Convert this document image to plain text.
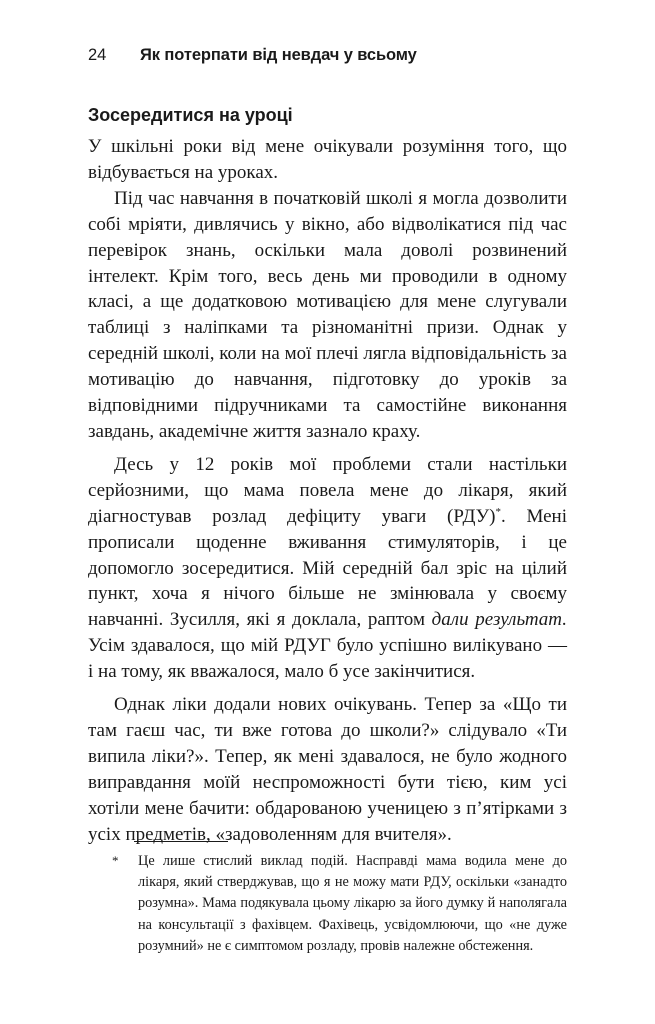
24 Як потерпати від невдач у всьому
Зосередитися на уроці

У шкільні роки від мене очікували розуміння того, що відбувається на уроках.

Під час навчання в початковій школі я могла дозволити собі мріяти, дивлячись у вікно, або відволікатися під час перевірок знань, оскільки мала доволі розвинений інтелект. Крім того, весь день ми проводили в одному класі, а ще додатковою мотивацією для мене слугували таблиці з наліпками та різноманітні призи. Однак у середній школі, коли на мої плечі лягла відповідальність за мотивацію до навчання, підготовку до уроків за відповідними підручниками та самостійне виконання завдань, академічне життя зазнало краху.

Десь у 12 років мої проблеми стали настільки серйозними, що мама повела мене до лікаря, який діагностував розлад дефіциту уваги (РДУ)*. Мені прописали щоденне вживання стимуляторів, і це допомогло зосередитися. Мій середній бал зріс на цілий пункт, хоча я нічого більше не змінювала у своєму навчанні. Зусилля, які я доклала, раптом дали результат. Усім здавалося, що мій РДУГ було успішно вилікувано — і на тому, як вважалося, мало б усе закінчитися.

Однак ліки додали нових очікувань. Тепер за «Що ти там гаєш час, ти вже готова до школи?» слідувало «Ти випила ліки?». Тепер, як мені здавалося, не було жодного виправдання моїй неспроможності бути тією, ким усі хотіли мене бачити: обдарованою ученицею з п’ятірками з усіх предметів, «задоволенням для вчителя».

* Це лише стислий виклад подій. Насправді мама водила мене до лікаря, який стверджував, що я не можу мати РДУ, оскільки «занадто розумна». Мама подякувала цьому лікарю за його думку й наполягала на консультації з фахівцем. Фахівець, усвідомлюючи, що «не дуже розумний» не є симптомом розладу, провів належне обстеження.
